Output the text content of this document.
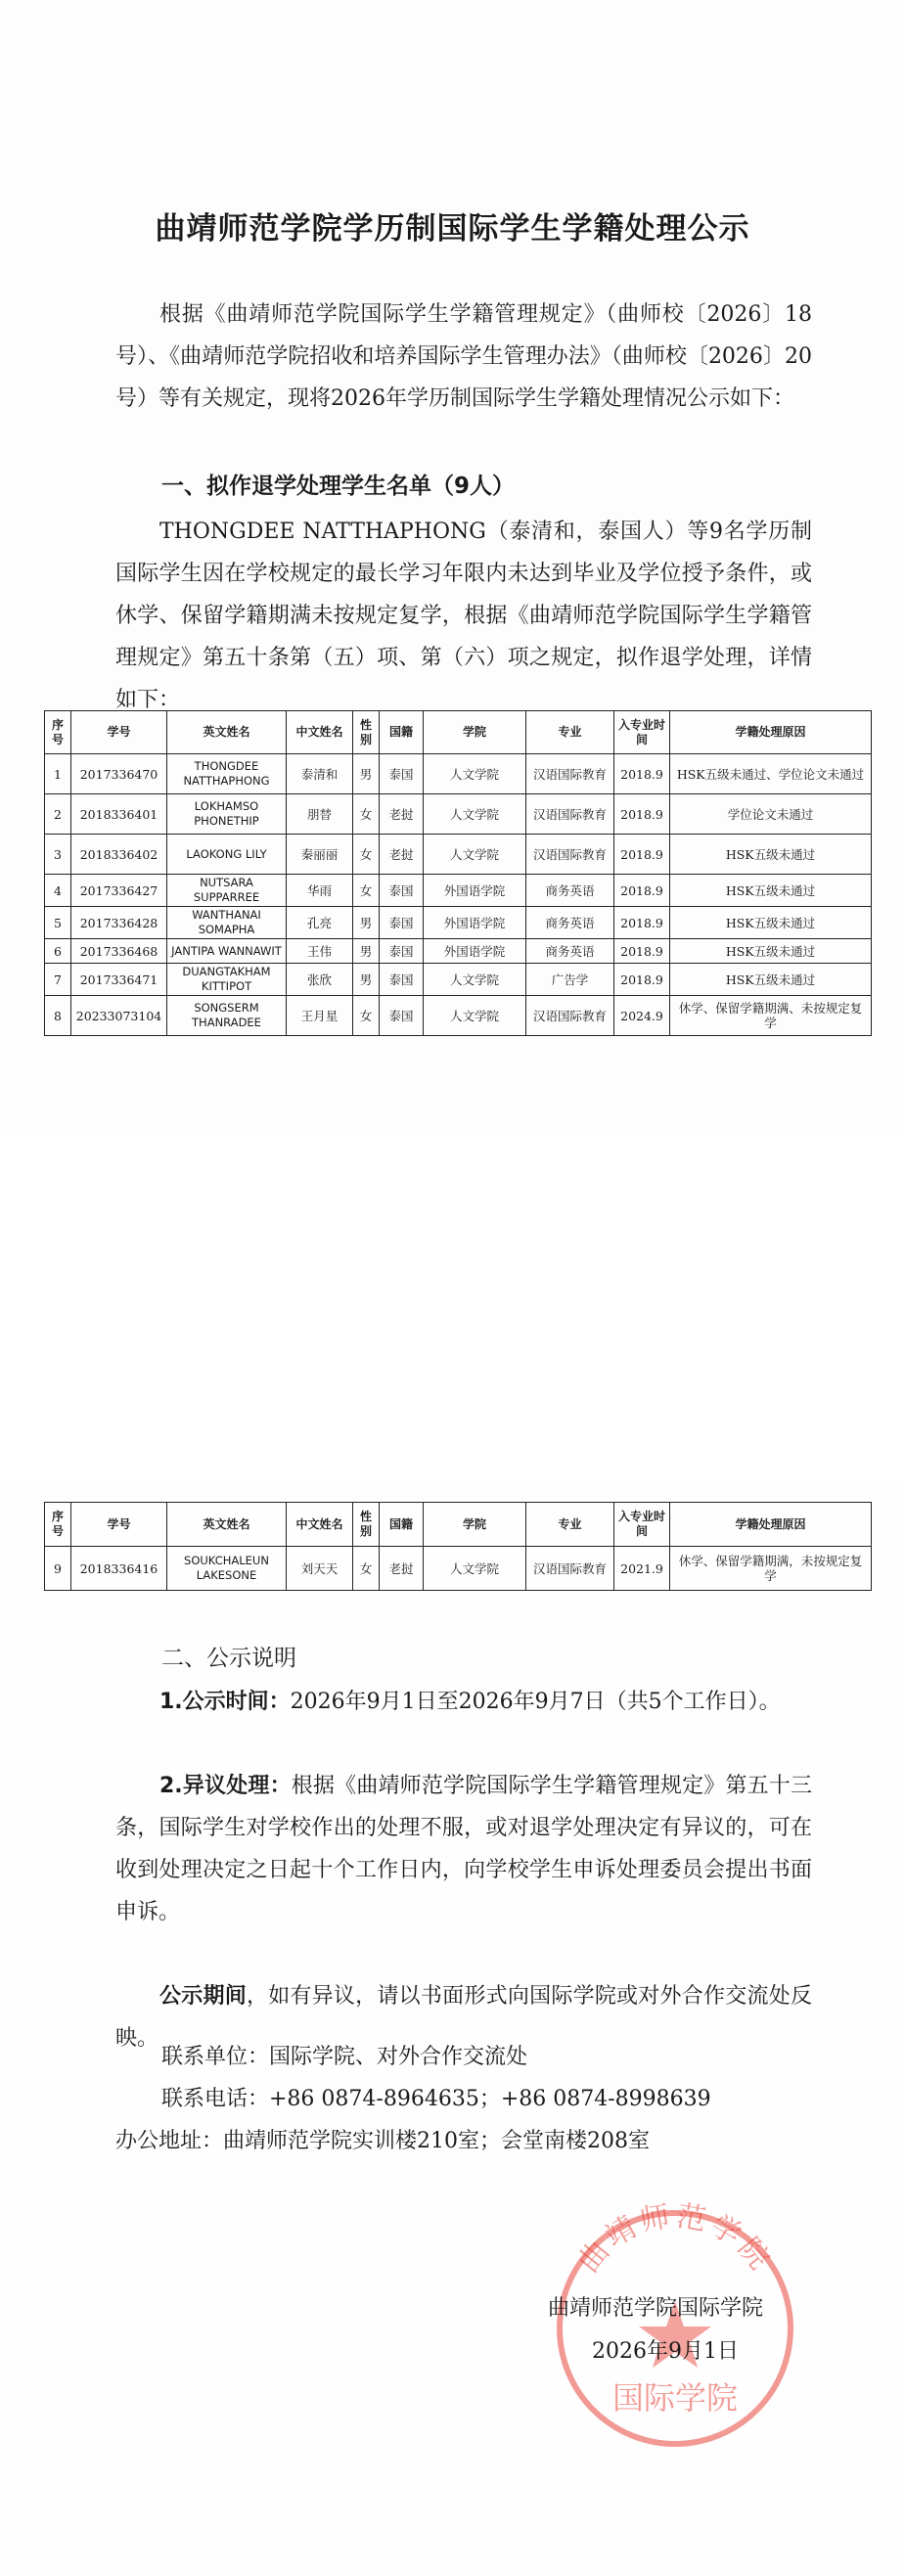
曲靖师范学院学历制国际学生学籍处理公示
根据《曲靖师范学院国际学生学籍管理规定》（曲师校〔2026〕18号）、《曲靖师范学院招收和培养国际学生管理办法》（曲师校〔2026〕20号）等有关规定，现将2026年学历制国际学生学籍处理情况公示如下：
一、拟作退学处理学生名单（9人）
THONGDEE NATTHAPHONG（泰清和，泰国人）等9名学历制国际学生因在学校规定的最长学习年限内未达到毕业及学位授予条件，或休学、保留学籍期满未按规定复学，根据《曲靖师范学院国际学生学籍管理规定》第五十条第（五）项、第（六）项之规定，拟作退学处理，详情如下：
序号	学号	英文姓名	中文姓名	性别	国籍	学院	专业	入专业时间	学籍处理原因
1	2017336470	THONGDEE NATTHAPHONG	泰清和	男	泰国	人文学院	汉语国际教育	2018.9	HSK五级未通过、学位论文未通过
2	2018336401	LOKHAMSO PHONETHIP	朋替	女	老挝	人文学院	汉语国际教育	2018.9	学位论文未通过
3	2018336402	LAOKONG LILY	秦丽丽	女	老挝	人文学院	汉语国际教育	2018.9	HSK五级未通过
4	2017336427	NUTSARA SUPPARREE	华雨	女	泰国	外国语学院	商务英语	2018.9	HSK五级未通过
5	2017336428	WANTHANAI SOMAPHA	孔亮	男	泰国	外国语学院	商务英语	2018.9	HSK五级未通过
6	2017336468	JANTIPA WANNAWIT	王伟	男	泰国	外国语学院	商务英语	2018.9	HSK五级未通过
7	2017336471	DUANGTAKHAM KITTIPOT	张欣	男	泰国	人文学院	广告学	2018.9	HSK五级未通过
8	20233073104	SONGSERM THANRADEE	王月星	女	泰国	人文学院	汉语国际教育	2024.9	休学、保留学籍期满、未按规定复学
序号	学号	英文姓名	中文姓名	性别	国籍	学院	专业	入专业时间	学籍处理原因
9	2018336416	SOUKCHALEUN LAKESONE	刘天天	女	老挝	人文学院	汉语国际教育	2021.9	休学、保留学籍期满，未按规定复学
二、公示说明
1.公示时间：2026年9月1日至2026年9月7日（共5个工作日）。
2.异议处理：根据《曲靖师范学院国际学生学籍管理规定》第五十三条，国际学生对学校作出的处理不服，或对退学处理决定有异议的，可在收到处理决定之日起十个工作日内，向学校学生申诉处理委员会提出书面申诉。
公示期间，如有异议，请以书面形式向国际学院或对外合作交流处反映。
联系单位：国际学院、对外合作交流处
联系电话：+86 0874-8964635；+86 0874-8998639
办公地址：曲靖师范学院实训楼210室；会堂南楼208室
曲靖师范学院
国际学院
曲靖师范学院国际学院
2026年9月1日
